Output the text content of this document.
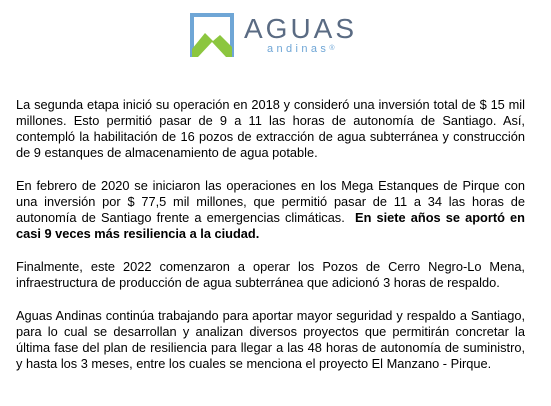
AGUAS
andinas®

La segunda etapa inició su operación en 2018 y consideró una inversión total de $ 15 mil millones. Esto permitió pasar de 9 a 11 las horas de autonomía de Santiago. Así, contempló la habilitación de 16 pozos de extracción de agua subterránea y construcción de 9 estanques de almacenamiento de agua potable.

En febrero de 2020 se iniciaron las operaciones en los Mega Estanques de Pirque con una inversión por $ 77,5 mil millones, que permitió pasar de 11 a 34 las horas de autonomía de Santiago frente a emergencias climáticas. En siete años se aportó en casi 9 veces más resiliencia a la ciudad.

Finalmente, este 2022 comenzaron a operar los Pozos de Cerro Negro-Lo Mena, infraestructura de producción de agua subterránea que adicionó 3 horas de respaldo.

Aguas Andinas continúa trabajando para aportar mayor seguridad y respaldo a Santiago, para lo cual se desarrollan y analizan diversos proyectos que permitirán concretar la última fase del plan de resiliencia para llegar a las 48 horas de autonomía de suministro, y hasta los 3 meses, entre los cuales se menciona el proyecto El Manzano - Pirque.
